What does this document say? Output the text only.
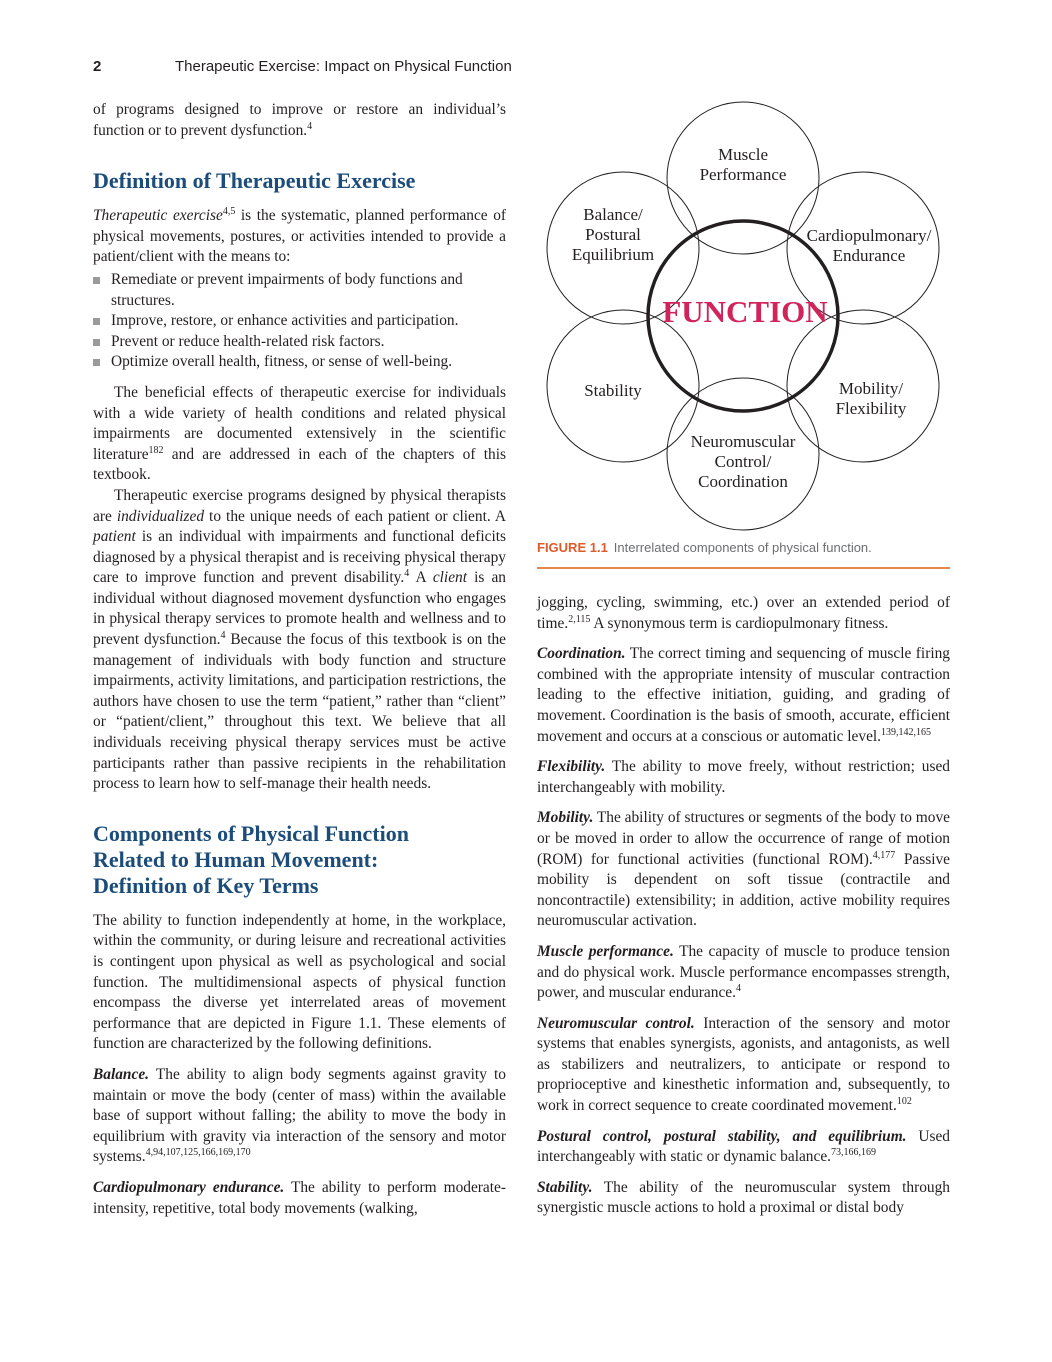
2	Therapeutic Exercise: Impact on Physical Function

of programs designed to improve or restore an individual’s function or to prevent dysfunction.$^4$

Definition of Therapeutic Exercise

Therapeutic exercise$^{4,5}$ is the systematic, planned performance of physical movements, postures, or activities intended to provide a patient/client with the means to:

Remediate or prevent impairments of body functions and structures.
Improve, restore, or enhance activities and participation.
Prevent or reduce health-related risk factors.
Optimize overall health, fitness, or sense of well-being.

The beneficial effects of therapeutic exercise for individuals with a wide variety of health conditions and related physical impairments are documented extensively in the scientific literature$^{182}$ and are addressed in each of the chapters of this textbook.

Therapeutic exercise programs designed by physical therapists are individualized to the unique needs of each patient or client. A patient is an individual with impairments and functional deficits diagnosed by a physical therapist and is receiving physical therapy care to improve function and prevent disability.$^4$ A client is an individual without diagnosed movement dysfunction who engages in physical therapy services to promote health and wellness and to prevent dysfunction.$^4$ Because the focus of this textbook is on the management of individuals with body function and structure impairments, activity limitations, and participation restrictions, the authors have chosen to use the term “patient,” rather than “client” or “patient/client,” throughout this text. We believe that all individuals receiving physical therapy services must be active participants rather than passive recipients in the rehabilitation process to learn how to self-manage their health needs.

Components of Physical Function
Related to Human Movement:
Definition of Key Terms

The ability to function independently at home, in the workplace, within the community, or during leisure and recreational activities is contingent upon physical as well as psychological and social function. The multidimensional aspects of physical function encompass the diverse yet interrelated areas of movement performance that are depicted in Figure 1.1. These elements of function are characterized by the following definitions.

Balance. The ability to align body segments against gravity to maintain or move the body (center of mass) within the available base of support without falling; the ability to move the body in equilibrium with gravity via interaction of the sensory and motor systems.$^{4,94,107,125,166,169,170}$

Cardiopulmonary endurance. The ability to perform moderate-intensity, repetitive, total body movements (walking,

Muscle
Performance
Balance/
Postural
Equilibrium
Cardiopulmonary/
Endurance
Stability	Mobility/
Flexibility
Neuromuscular
Control/
Coordination
FUNCTION
FIGURE 1.1 Interrelated components of physical function.

jogging, cycling, swimming, etc.) over an extended period of time.$^{2,115}$ A synonymous term is cardiopulmonary fitness.

Coordination. The correct timing and sequencing of muscle firing combined with the appropriate intensity of muscular contraction leading to the effective initiation, guiding, and grading of movement. Coordination is the basis of smooth, accurate, efficient movement and occurs at a conscious or automatic level.$^{139,142,165}$

Flexibility. The ability to move freely, without restriction; used interchangeably with mobility.

Mobility. The ability of structures or segments of the body to move or be moved in order to allow the occurrence of range of motion (ROM) for functional activities (functional ROM).$^{4,177}$ Passive mobility is dependent on soft tissue (contractile and noncontractile) extensibility; in addition, active mobility requires neuromuscular activation.

Muscle performance. The capacity of muscle to produce tension and do physical work. Muscle performance encompasses strength, power, and muscular endurance.$^4$

Neuromuscular control. Interaction of the sensory and motor systems that enables synergists, agonists, and antagonists, as well as stabilizers and neutralizers, to anticipate or respond to proprioceptive and kinesthetic information and, subsequently, to work in correct sequence to create coordinated movement.$^{102}$

Postural control, postural stability, and equilibrium. Used interchangeably with static or dynamic balance.$^{73,166,169}$

Stability. The ability of the neuromuscular system through synergistic muscle actions to hold a proximal or distal body
